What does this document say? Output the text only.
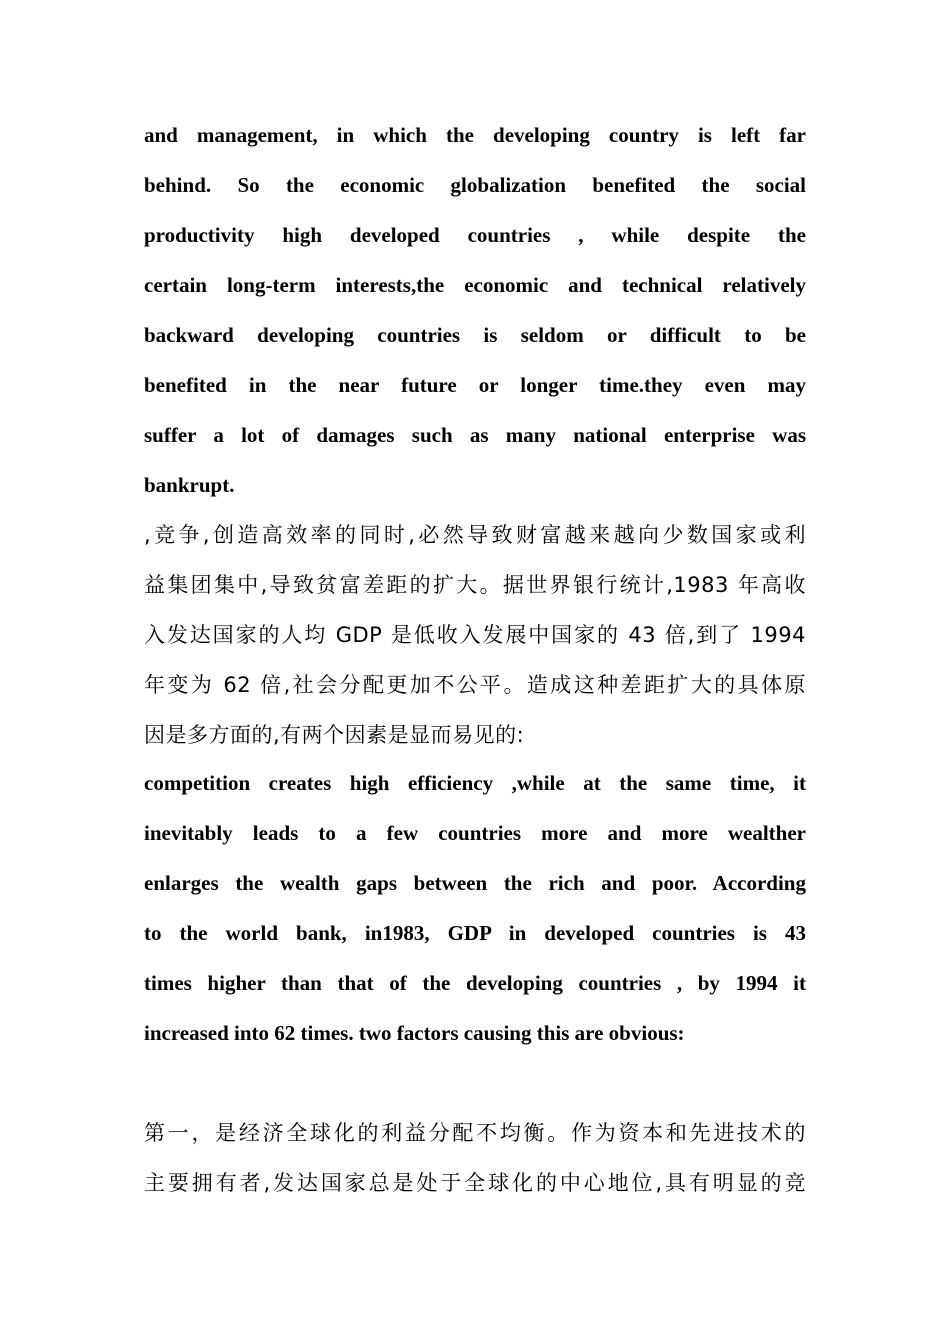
and management, in which the developing country is left far
behind. So the economic globalization benefited the social
productivity high developed countries , while despite the
certain long-term interests,the economic and technical relatively
backward developing countries is seldom or difficult to be
benefited in the near future or longer time.they even may
suffer a lot of damages such as many national enterprise was
bankrupt.
,竞争,创造高效率的同时,必然导致财富越来越向少数国家或利
益集团集中,导致贫富差距的扩大。据世界银行统计,1983 年高收
入发达国家的人均 GDP 是低收入发展中国家的 43 倍,到了 1994
年变为 62 倍,社会分配更加不公平。造成这种差距扩大的具体原
因是多方面的,有两个因素是显而易见的:
competition creates high efficiency ,while at the same time, it
inevitably leads to a few countries more and more wealther
enlarges the wealth gaps between the rich and poor. According
to the world bank, in1983, GDP in developed countries is 43
times higher than that of the developing countries , by 1994 it
increased into 62 times. two factors causing this are obvious:
第一，是经济全球化的利益分配不均衡。作为资本和先进技术的
主要拥有者,发达国家总是处于全球化的中心地位,具有明显的竞
